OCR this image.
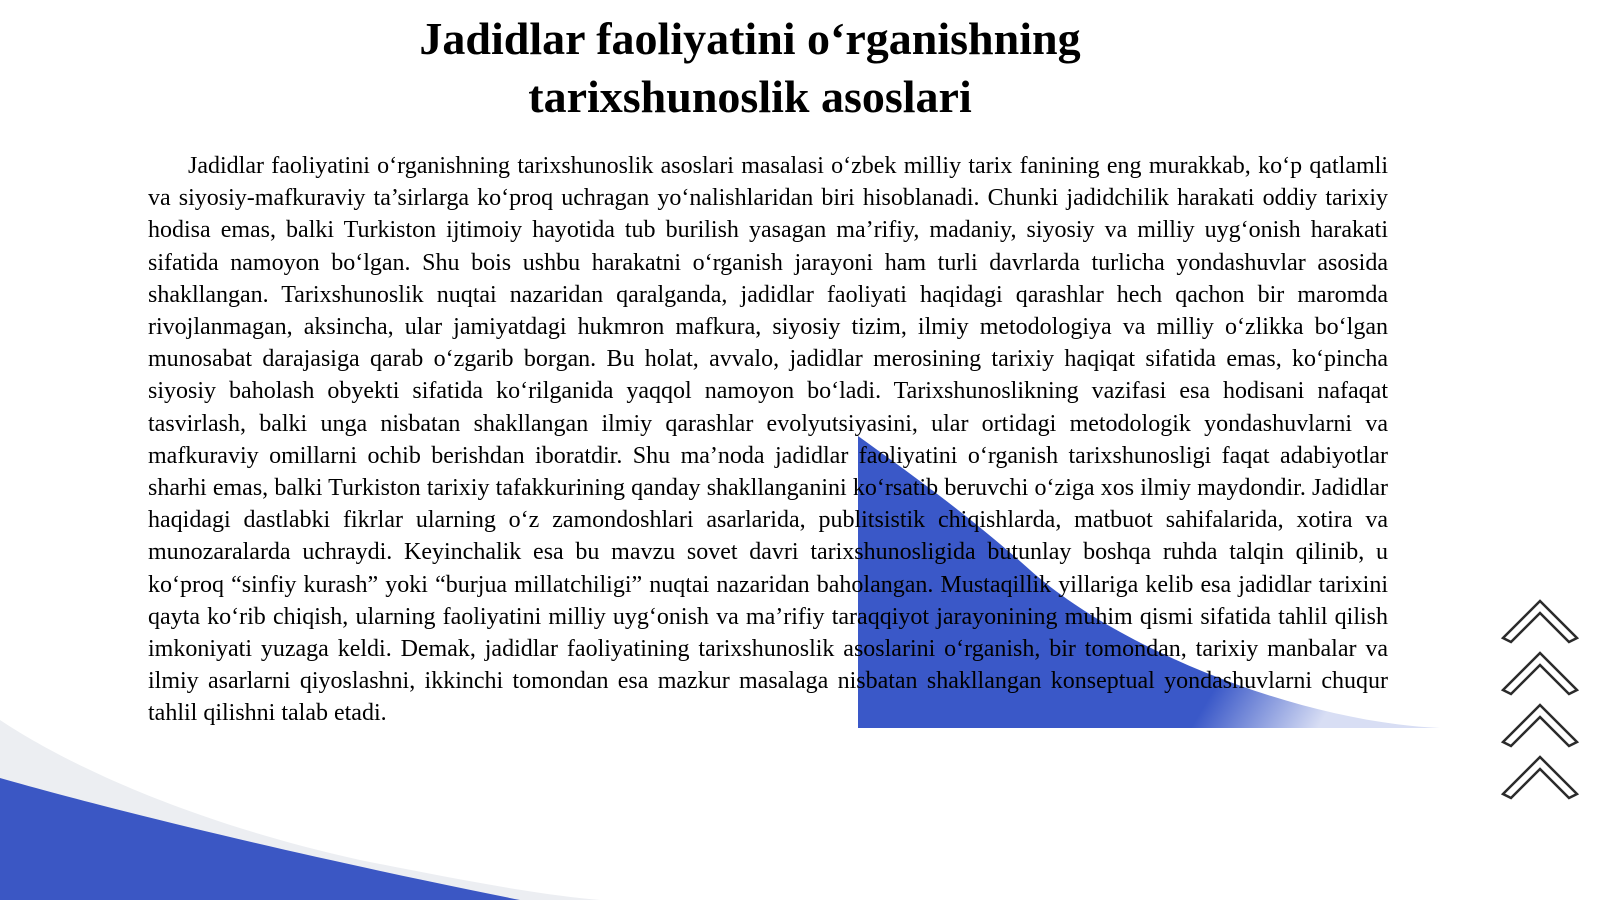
Jadidlar faoliyatini o‘rganishning
tarixshunoslik asoslari

Jadidlar faoliyatini o‘rganishning tarixshunoslik asoslari masalasi o‘zbek milliy tarix fanining eng murakkab, ko‘p qatlamli va siyosiy-mafkuraviy ta’sirlarga ko‘proq uchragan yo‘nalishlaridan biri hisoblanadi. Chunki jadidchilik harakati oddiy tarixiy hodisa emas, balki Turkiston ijtimoiy hayotida tub burilish yasagan ma’rifiy, madaniy, siyosiy va milliy uyg‘onish harakati sifatida namoyon bo‘lgan. Shu bois ushbu harakatni o‘rganish jarayoni ham turli davrlarda turlicha yondashuvlar asosida shakllangan. Tarixshunoslik nuqtai nazaridan qaralganda, jadidlar faoliyati haqidagi qarashlar hech qachon bir maromda rivojlanmagan, aksincha, ular jamiyatdagi hukmron mafkura, siyosiy tizim, ilmiy metodologiya va milliy o‘zlikka bo‘lgan munosabat darajasiga qarab o‘zgarib borgan. Bu holat, avvalo, jadidlar merosining tarixiy haqiqat sifatida emas, ko‘pincha siyosiy baholash obyekti sifatida ko‘rilganida yaqqol namoyon bo‘ladi. Tarixshunoslikning vazifasi esa hodisani nafaqat tasvirlash, balki unga nisbatan shakllangan ilmiy qarashlar evolyutsiyasini, ular ortidagi metodologik yondashuvlarni va mafkuraviy omillarni ochib berishdan iboratdir. Shu ma’noda jadidlar faoliyatini o‘rganish tarixshunosligi faqat adabiyotlar sharhi emas, balki Turkiston tarixiy tafakkurining qanday shakllanganini ko‘rsatib beruvchi o‘ziga xos ilmiy maydondir. Jadidlar haqidagi dastlabki fikrlar ularning o‘z zamondoshlari asarlarida, publitsistik chiqishlarda, matbuot sahifalarida, xotira va munozaralarda uchraydi. Keyinchalik esa bu mavzu sovet davri tarixshunosligida butunlay boshqa ruhda talqin qilinib, u ko‘proq “sinfiy kurash” yoki “burjua millatchiligi” nuqtai nazaridan baholangan. Mustaqillik yillariga kelib esa jadidlar tarixini qayta ko‘rib chiqish, ularning faoliyatini milliy uyg‘onish va ma’rifiy taraqqiyot jarayonining muhim qismi sifatida tahlil qilish imkoniyati yuzaga keldi. Demak, jadidlar faoliyatining tarixshunoslik asoslarini o‘rganish, bir tomondan, tarixiy manbalar va ilmiy asarlarni qiyoslashni, ikkinchi tomondan esa mazkur masalaga nisbatan shakllangan konseptual yondashuvlarni chuqur tahlil qilishni talab etadi.
